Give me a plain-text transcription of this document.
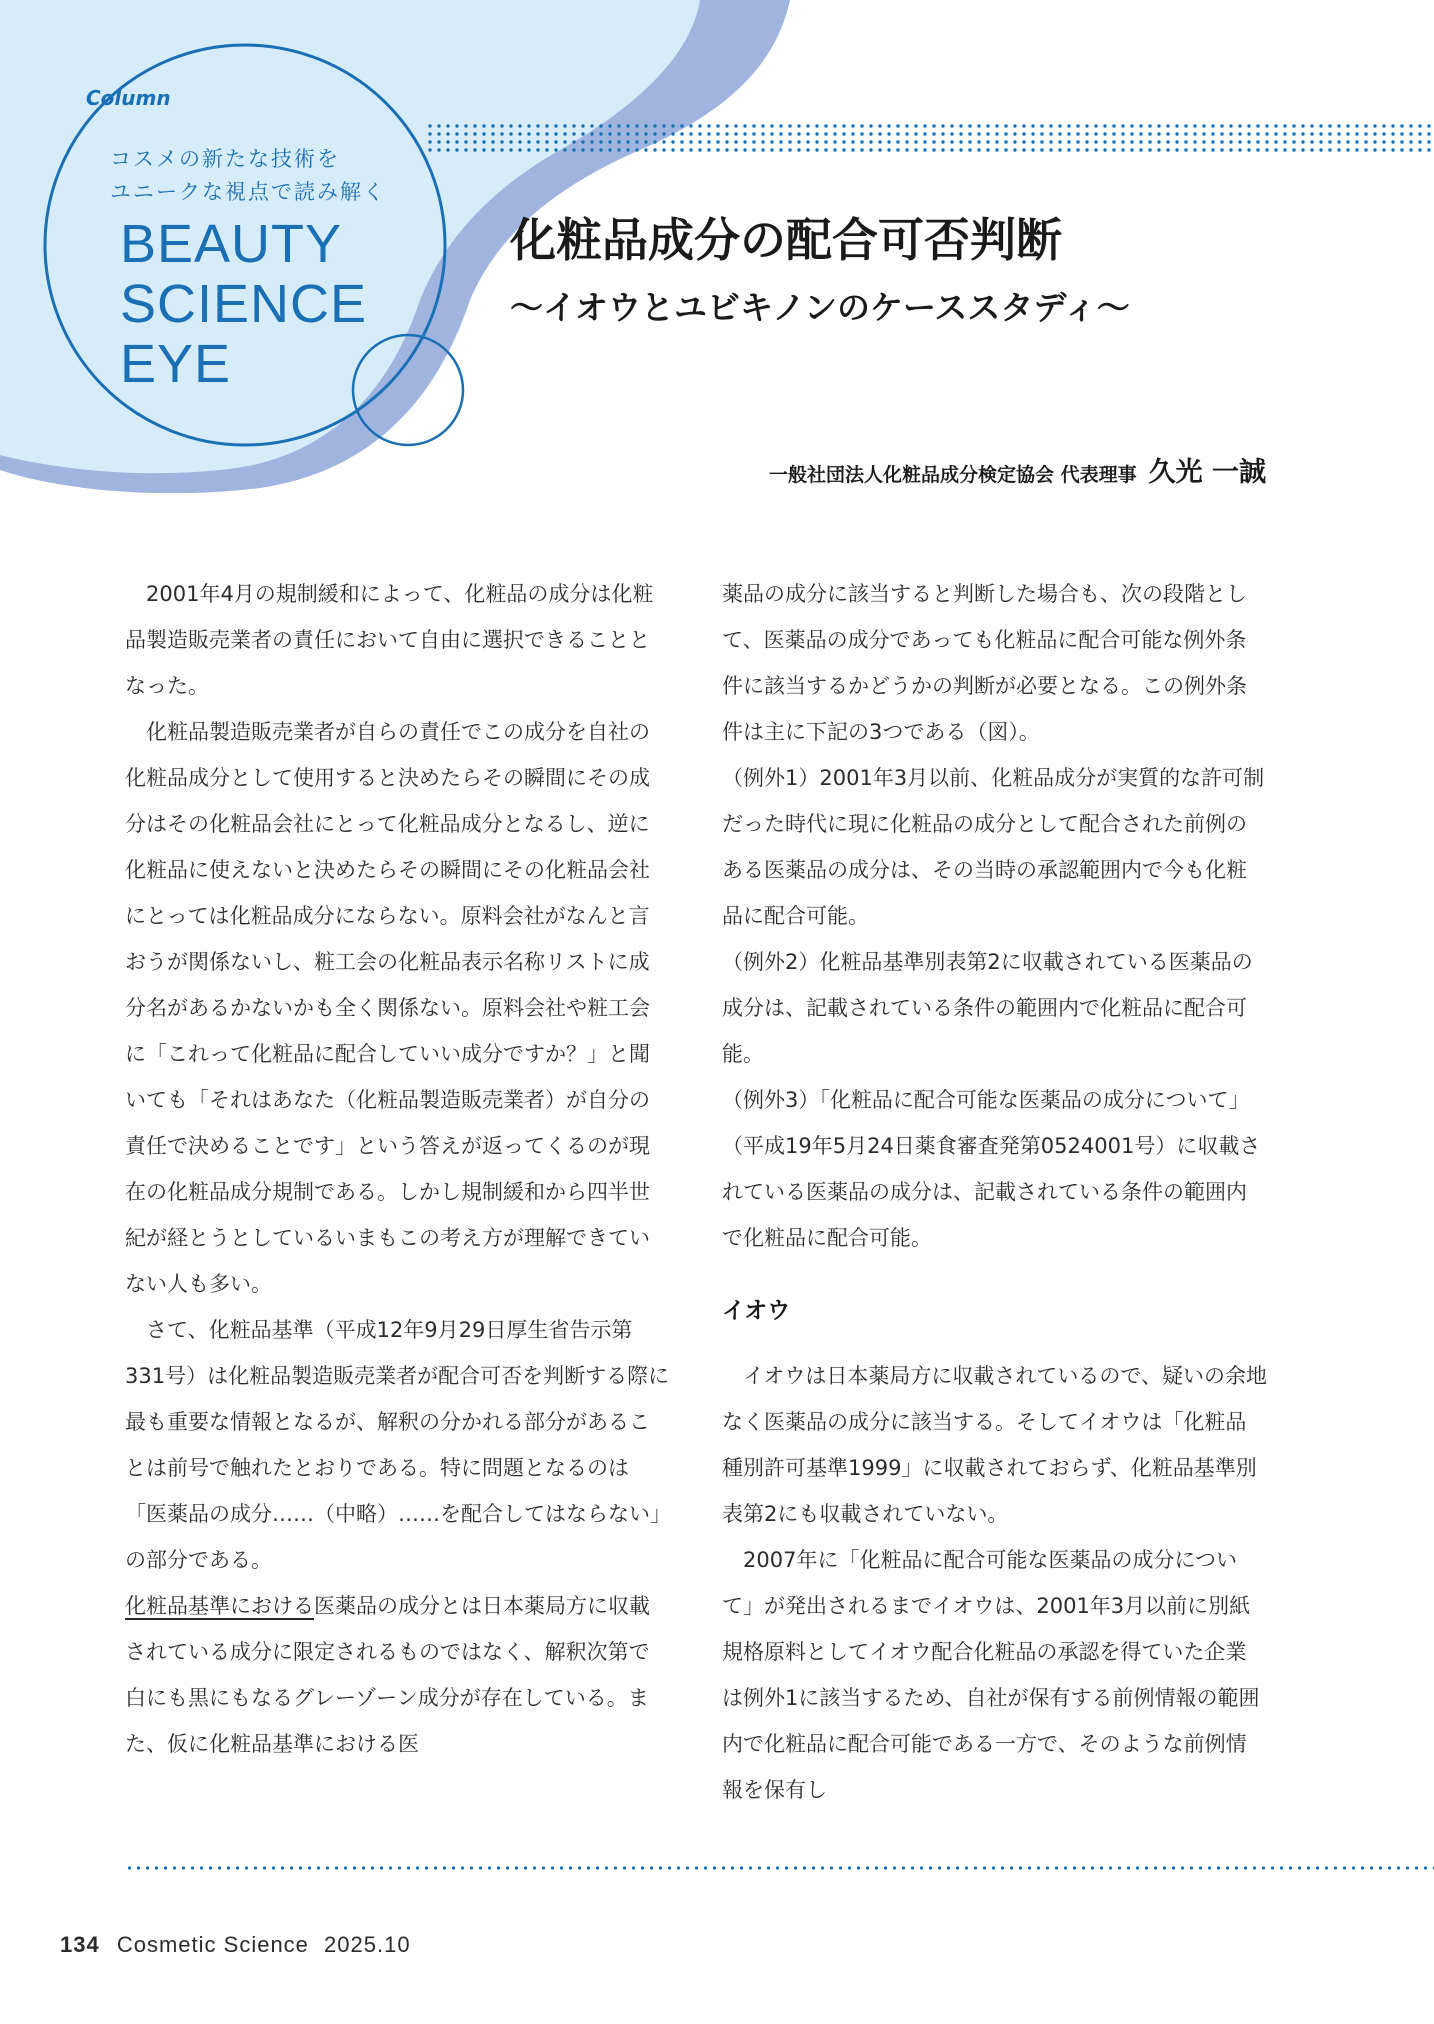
Column
コスメの新たな技術を
ユニークな視点で読み解く
BEAUTY
SCIENCE
EYE
化粧品成分の配合可否判断
〜イオウとユビキノンのケーススタディ〜
一般社団法人化粧品成分検定協会 代表理事 久光 一誠

2001年4月の規制緩和によって、化粧品の成分は化粧品製造販売業者の責任において自由に選択できることとなった。

化粧品製造販売業者が自らの責任でこの成分を自社の化粧品成分として使用すると決めたらその瞬間にその成分はその化粧品会社にとって化粧品成分となるし、逆に化粧品に使えないと決めたらその瞬間にその化粧品会社にとっては化粧品成分にならない。原料会社がなんと言おうが関係ないし、粧工会の化粧品表示名称リストに成分名があるかないかも全く関係ない。原料会社や粧工会に「これって化粧品に配合していい成分ですか？」と聞いても「それはあなた（化粧品製造販売業者）が自分の責任で決めることです」という答えが返ってくるのが現在の化粧品成分規制である。しかし規制緩和から四半世紀が経とうとしているいまもこの考え方が理解できていない人も多い。

さて、化粧品基準（平成12年9月29日厚生省告示第331号）は化粧品製造販売業者が配合可否を判断する際に最も重要な情報となるが、解釈の分かれる部分があることは前号で触れたとおりである。特に問題となるのは「医薬品の成分……（中略）……を配合してはならない」の部分である。

化粧品基準における医薬品の成分とは日本薬局方に収載されている成分に限定されるものではなく、解釈次第で白にも黒にもなるグレーゾーン成分が存在している。また、仮に化粧品基準における医

薬品の成分に該当すると判断した場合も、次の段階として、医薬品の成分であっても化粧品に配合可能な例外条件に該当するかどうかの判断が必要となる。この例外条件は主に下記の3つである（図）。

（例外1）2001年3月以前、化粧品成分が実質的な許可制だった時代に現に化粧品の成分として配合された前例のある医薬品の成分は、その当時の承認範囲内で今も化粧品に配合可能。

（例外2）化粧品基準別表第2に収載されている医薬品の成分は、記載されている条件の範囲内で化粧品に配合可能。

（例外3）「化粧品に配合可能な医薬品の成分について」（平成19年5月24日薬食審査発第0524001号）に収載されている医薬品の成分は、記載されている条件の範囲内で化粧品に配合可能。

イオウ

イオウは日本薬局方に収載されているので、疑いの余地なく医薬品の成分に該当する。そしてイオウは「化粧品種別許可基準1999」に収載されておらず、化粧品基準別表第2にも収載されていない。

2007年に「化粧品に配合可能な医薬品の成分について」が発出されるまでイオウは、2001年3月以前に別紙規格原料としてイオウ配合化粧品の承認を得ていた企業は例外1に該当するため、自社が保有する前例情報の範囲内で化粧品に配合可能である一方で、そのような前例情報を保有し

134 Cosmetic Science 2025.10
